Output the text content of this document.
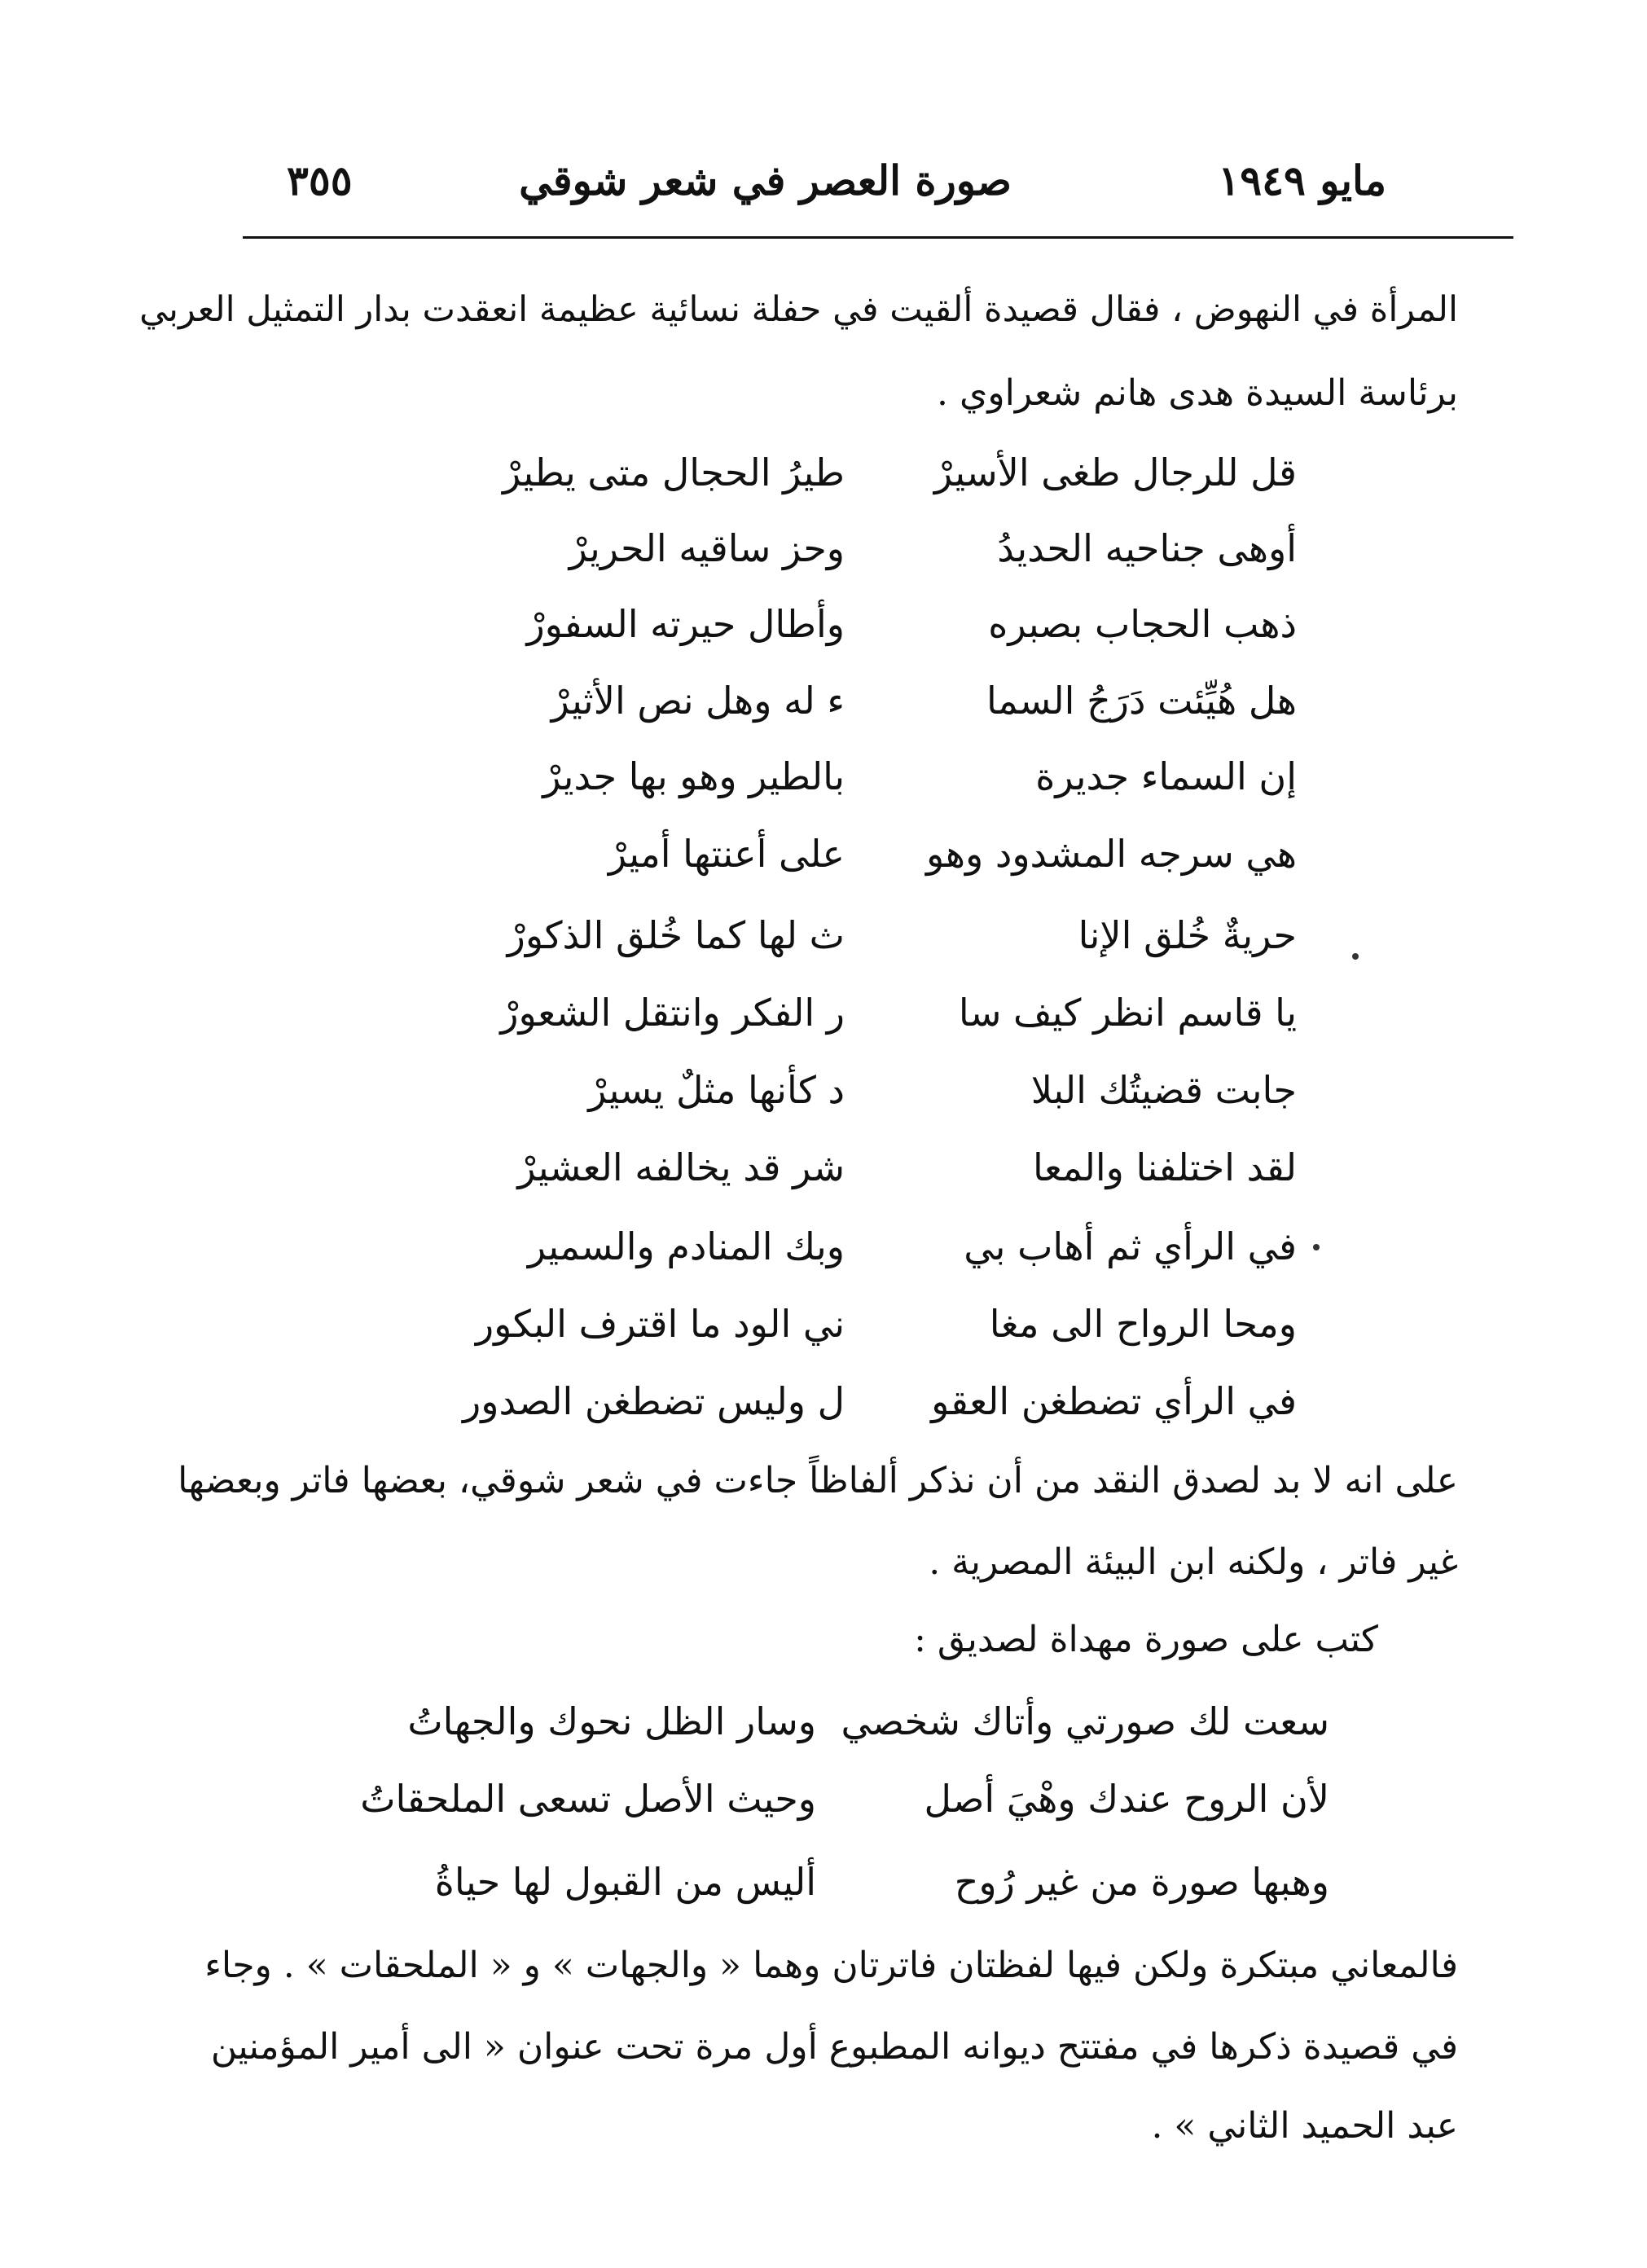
مايو ١٩٤٩
صورة العصر في شعر شوقي
٣٥٥
المرأة في النهوض ، فقال قصيدة ألقيت في حفلة نسائية عظيمة انعقدت بدار التمثيل العربي
برئاسة السيدة هدى هانم شعراوي .
قل للرجال طغى الأسيرْ
طيرُ الحجال متى يطيرْ
أوهى جناحيه الحديدُ
وحز ساقيه الحريرْ
ذهب الحجاب بصبره
وأطال حيرته السفورْ
هل هُيِّئت دَرَجُ السما
ء له وهل نص الأثيرْ
إن السماء جديرة
بالطير وهو بها جديرْ
هي سرجه المشدود وهو
على أعنتها أميرْ
حريةٌ خُلق الإنا
ث لها كما خُلق الذكورْ
يا قاسم انظر كيف سا
ر الفكر وانتقل الشعورْ
جابت قضيتُك البلا
د كأنها مثلٌ يسيرْ
لقد اختلفنا والمعا
شر قد يخالفه العشيرْ
في الرأي ثم أهاب بي
وبك المنادم والسمير
ومحا الرواح الى مغا
ني الود ما اقترف البكور
في الرأي تضطغن العقو
ل وليس تضطغن الصدور
على انه لا بد لصدق النقد من أن نذكر ألفاظاً جاءت في شعر شوقي، بعضها فاتر وبعضها
غير فاتر ، ولكنه ابن البيئة المصرية .
كتب على صورة مهداة لصديق :
سعت لك صورتي وأتاك شخصي
وسار الظل نحوك والجهاتُ
لأن الروح عندك وهْيَ أصل
وحيث الأصل تسعى الملحقاتُ
وهبها صورة من غير رُوح
أليس من القبول لها حياةُ
فالمعاني مبتكرة ولكن فيها لفظتان فاترتان وهما « والجهات » و « الملحقات » . وجاء
في قصيدة ذكرها في مفتتح ديوانه المطبوع أول مرة تحت عنوان « الى أمير المؤمنين
عبد الحميد الثاني » .
